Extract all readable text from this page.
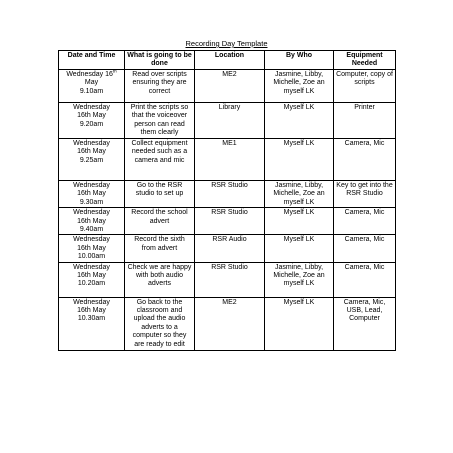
Recording Day Template
Date and Time	What is going to be done	Location	By Who	Equipment Needed

Wednesday 16th May
9.10am	Read over scripts ensuring they are correct	ME2	Jasmine, Libby, Michelle, Zoe an myself LK	Computer, copy of scripts

Wednesday
16th May
9.20am	Print the scripts so that the voiceover person can read them clearly	Library	Myself LK	Printer

Wednesday
16th May
9.25am	Collect equipment needed such as a camera and mic	ME1	Myself LK	Camera, Mic

Wednesday
16th May
9.30am	Go to the RSR studio to set up	RSR Studio	Jasmine, Libby, Michelle, Zoe an myself LK	Key to get into the RSR Studio

Wednesday
16th May
9.40am	Record the school advert	RSR Studio	Myself LK	Camera, Mic

Wednesday
16th May
10.00am	Record the sixth from advert	RSR Audio	Myself LK	Camera, Mic

Wednesday
16th May
10.20am	Check we are happy with both audio adverts	RSR Studio	Jasmine, Libby, Michelle, Zoe an myself LK	Camera, Mic

Wednesday
16th May
10.30am	Go back to the classroom and upload the audio adverts to a computer so they are ready to edit	ME2	Myself LK	Camera, Mic, USB, Lead, Computer
